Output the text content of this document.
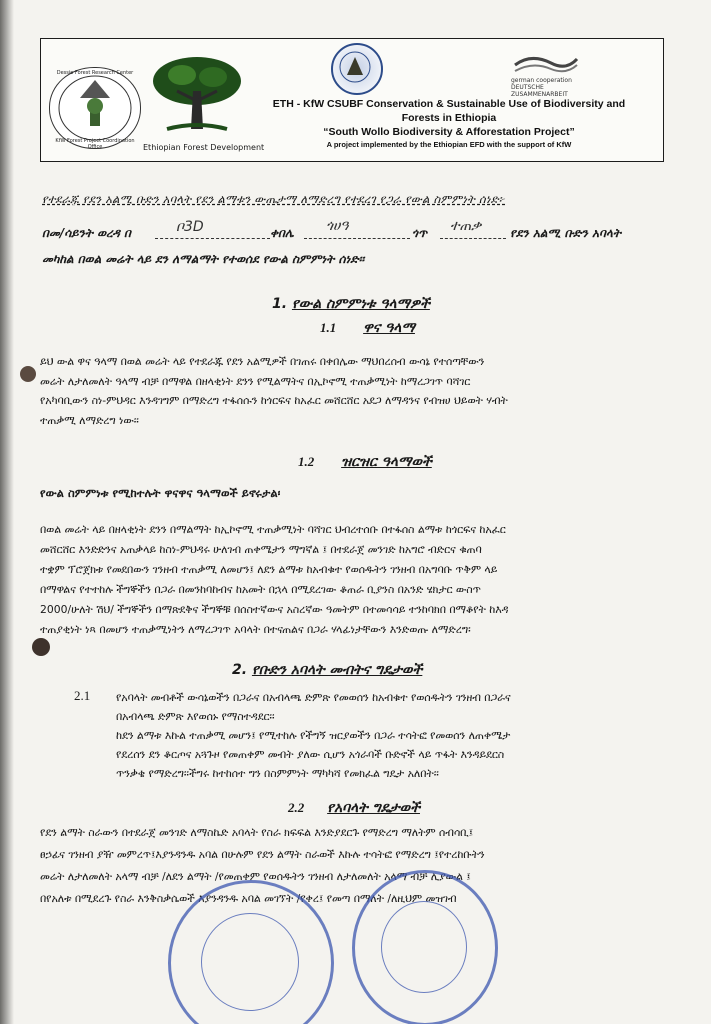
Dessie Forest Research Center
KfW Forest Project Coordination Office	Ethiopian Forest Development
german cooperation DEUTSCHE ZUSAMMENARBEIT
ETH - KfW CSUBF Conservation & Sustainable Use of Biodiversity and
Forests in Ethiopia
“South Wollo Biodiversity & Afforestation Project”
A project implemented by the Ethiopian EFD with the support of KfW
የተደራጁ የደን አልሚ ቡድን አባላት የደን ልማቱን ውጤታማ ለማድረግ የተደረገ የጋራ የውል ስምምነት ሰነድ፦
በመ/ሳይንት ወረዳ በ	ቦ3D	ቀበሌ ጎሀዓ	ጎጥ ተጠቃ የደን አልሚ ቡድን አባላት
መካከል በወል መሬት ላይ ደን ለማልማት የተወሰደ የውል ስምምነት ሰነድ፡፡
1. የውል ስምምነቱ ዓላማዎች
1.1 ዋና ዓላማ
ይህ ውል ዋና ዓላማ በወል መሬት ላይ የተደራጁ የደን አልሚዎች በገጠሩ በቀበሌው ማህበረሰብ ውሳኔ የተሰጣቸውን
መሬት ለታለመለት ዓላማ ብቻ በማዋል በዘላቂነት ደንን የሚልማትና በኢኮኖሚ ተጠቃሚነት ከማረጋገጥ ባሻገር
የአካባቢውን ስነ-ምህዳር እንዳገግም በማድረግ ተፋሰሱን ከጎርፍና ከአፈር መሸርሸር አደጋ ለማዳንና የብዝሀ ህይወት ሃብት
ተጠቃሚ ለማድረግ ነው፡፡
1.2 ዝርዝር ዓላማወች
የውል ስምምነቱ የሚከተሉት ዋናዋና ዓላማወች ይኖሩታል፡
በወል መሬት ላይ በዘላቂነት ደንን በማልማት ከኢኮኖሚ ተጠቃሚነት ባሻገር ህብረተሰቡ በተፋሰስ ልማቱ ከጎርፍና ከአፈር
መሸርሸር እንድድንና አጠቃላይ ከስነ-ምህዳሩ ሁለገብ ጠቀሜታን ማግኛል ፤ በተደራጀ መንገድ ከአግሮ ብድርና ቁጠባ
ተቋም ፕሮጀክቱ የመደበውን ገንዘብ ተጠቃሚ ለመሆን፤ ለደን ልማቱ ከአብቁተ የወሰዱትን ገንዘብ በአግባቡ ጥቅም ላይ
በማዋልና የተተከሉ ችግኞችን በጋራ በመንከባከብና ከአመት በኋላ በሚደረገው ቆጠራ ቢያንስ በአንድ ሄክታር ውስጥ
2000/ሁለት ሽህ/ ችግኞችን በማጽደቅና ችግኞቹ በሰስተኛውና አስረኛው ዓመትም በተመሳሳይ ተንከባክበ በማቆየት ከእዳ
ተጠያቂነት ነጻ በመሆን ተጠቃሚነትን ለማረጋገጥ አባላት በተናጠልና በጋራ ሃላፊነታቸውን እንድወጡ ለማድረግ፡
2. የቡድን አባላት መብትና ግዴታወች
2.1 የአባላት መብቶች ውሳኔወችን በጋራና በአብላጫ ድምጽ የመወሰን ከአብቁተ የወሰዱትን ገንዘብ በጋራና
በአብላጫ ድምጽ እየወሰኑ የማስተዳደር፡፡
ከደን ልማቱ እኩል ተጠቃሚ መሆን፤ የሚተከሉ የችግኝ ዝርያወችን በጋራ ተሳትፎ የመወሰን ለጠቀሜታ
የደረሰን ደን ቆርጦና አጓጉዞ የመጠቀም መብት ያለው ሲሆን አጎራባች ቡድኖች ላይ ጥፋት እንዳይደርስ
ጥንቃቄ የማድረግ፡፡ችግሩ ከተከሰተ ግን በስምምነት ማካካሻ የመክፈል ግዴታ አለበት፡፡
2.2 የአባላት ግዴታወች
የደን ልማት ስራውን በተደራጀ መንገድ ለማስኬድ አባላት የስራ ክፍፍል እንድያደርጉ የማድረግ ማለትም ሰብሳቢ፤
ፀኃፊና ገንዘብ ያዥ መምረጥ፤እያንዳንዱ አባል በሁሉም የደን ልማት ስራወች እኩሉ ተሳትፎ የማድረግ ፤የተረከቡትን
መሬት ለታለመለት አላማ ብቻ /ለደን ልማት /የመጠቀም የወሰዱትን ገንዘብ ለታለመለት አላማ ብቻ ሊያውል ፤
በየአለቱ በሚደረጉ የስራ እንቅስቃሴወች እያንዳንዱ አባል መገኘት /የቀረ፤ የመጣ በማለት /ለዚህም መዝገብ
